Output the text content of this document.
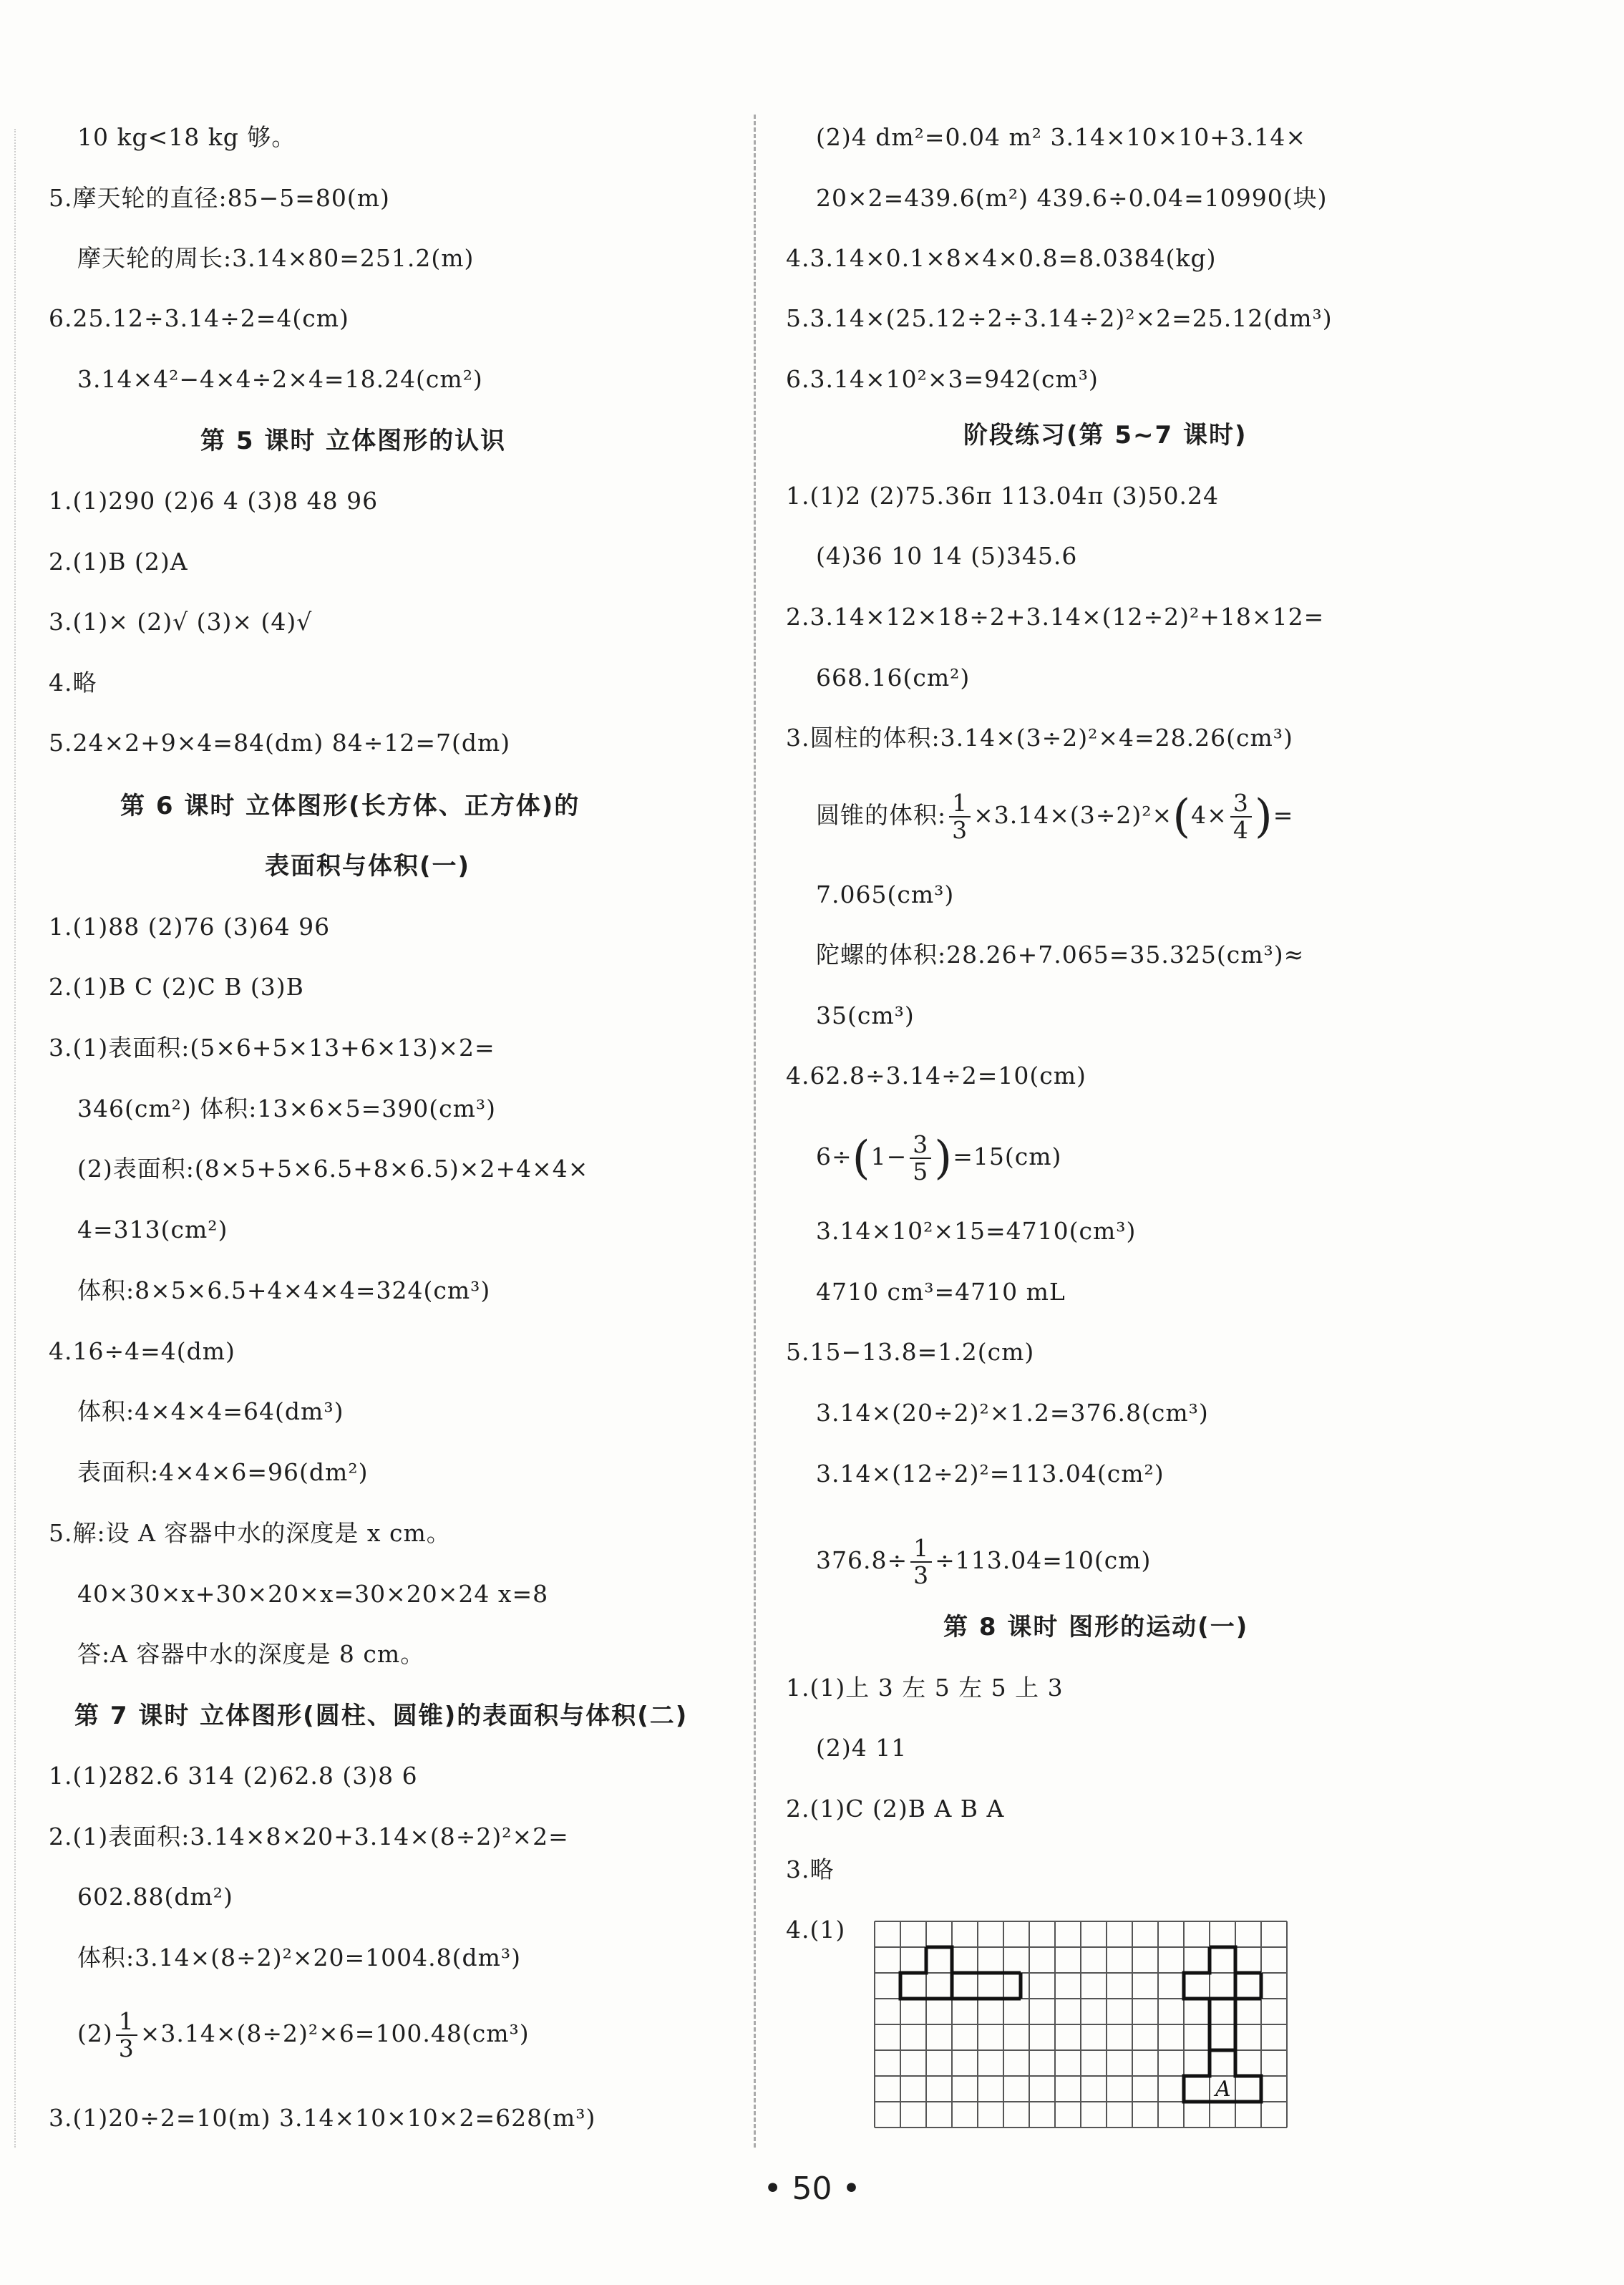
10 kg<18 kg 够。
5.摩天轮的直径:85−5=80(m)
摩天轮的周长:3.14×80=251.2(m)
6.25.12÷3.14÷2=4(cm)
3.14×4²−4×4÷2×4=18.24(cm²)
第 5 课时 立体图形的认识
1.(1)290 (2)6 4 (3)8 48 96
2.(1)B (2)A
3.(1)× (2)√ (3)× (4)√
4.略
5.24×2+9×4=84(dm) 84÷12=7(dm)
第 6 课时 立体图形(长方体、正方体)的
表面积与体积(一)
1.(1)88 (2)76 (3)64 96
2.(1)B C (2)C B (3)B
3.(1)表面积:(5×6+5×13+6×13)×2=
346(cm²) 体积:13×6×5=390(cm³)
(2)表面积:(8×5+5×6.5+8×6.5)×2+4×4×
4=313(cm²)
体积:8×5×6.5+4×4×4=324(cm³)
4.16÷4=4(dm)
体积:4×4×4=64(dm³)
表面积:4×4×6=96(dm²)
5.解:设 A 容器中水的深度是 x cm。
40×30×x+30×20×x=30×20×24 x=8
答:A 容器中水的深度是 8 cm。
第 7 课时 立体图形(圆柱、圆锥)的表面积与体积(二)
1.(1)282.6 314 (2)62.8 (3)8 6
2.(1)表面积:3.14×8×20+3.14×(8÷2)²×2=
602.88(dm²)
体积:3.14×(8÷2)²×20=1004.8(dm³)
$(2) \frac{1}{3} \times 3.14\times(8\div 2)^2\times 6=100.48(cm^3)$
3.(1)20÷2=10(m) 3.14×10×10×2=628(m³)
(2)4 dm²=0.04 m² 3.14×10×10+3.14×
20×2=439.6(m²) 439.6÷0.04=10990(块)
4.3.14×0.1×8×4×0.8=8.0384(kg)
5.3.14×(25.12÷2÷3.14÷2)²×2=25.12(dm³)
6.3.14×10²×3=942(cm³)
阶段练习(第 5~7 课时)
1.(1)2 (2)75.36π 113.04π (3)50.24
(4)36 10 14 (5)345.6
2.3.14×12×18÷2+3.14×(12÷2)²+18×12=
668.16(cm²)
3.圆柱的体积:3.14×(3÷2)²×4=28.26(cm³)
圆锥的体积: $\frac{1}{3} \times 3.14\times(3\div 2)^2\times(4\times \frac{3}{4}$ )=
7.065(cm³)
陀螺的体积:28.26+7.065=35.325(cm³)≈
35(cm³)
4.62.8÷3.14÷2=10(cm)
$6\div(1- \frac{3}{5} )=15(cm)$
3.14×10²×15=4710(cm³)
4710 cm³=4710 mL
5.15−13.8=1.2(cm)
3.14×(20÷2)²×1.2=376.8(cm³)
3.14×(12÷2)²=113.04(cm²)
$376.8\div \frac{1}{3} \div 113.04=10(cm)$
第 8 课时 图形的运动(一)
1.(1)上 3 左 5 左 5 上 3
(2)4 11
2.(1)C (2)B A B A
3.略
4.(1)
A
• 50 •
